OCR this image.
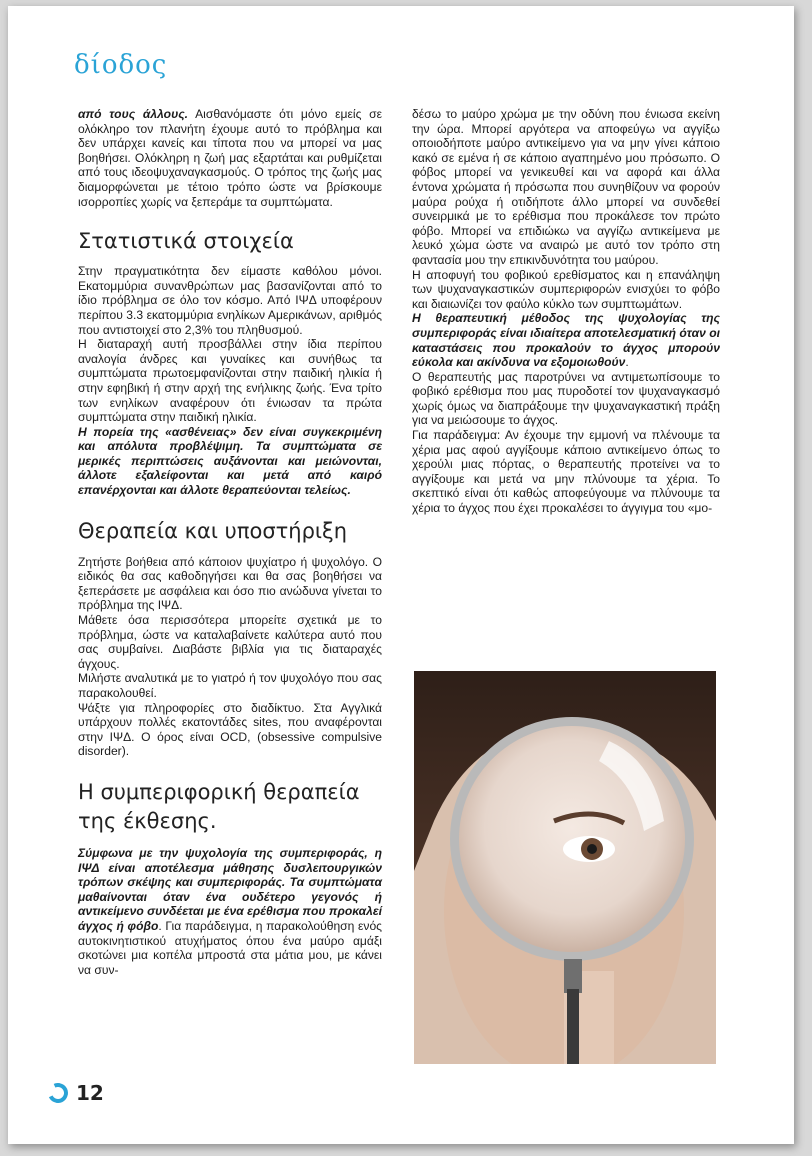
δίοδος

από τους άλλους. Αισθανόμαστε ότι μόνο εμείς σε ολόκληρο τον πλανήτη έχουμε αυτό το πρόβλημα και δεν υπάρχει κανείς και τίποτα που να μπορεί να μας βοηθήσει. Ολόκληρη η ζωή μας εξαρτάται και ρυθμίζεται από τους ιδεοψυχαναγκασμούς. Ο τρόπος της ζωής μας διαμορφώνεται με τέτοιο τρόπο ώστε να βρίσκουμε ισορροπίες χωρίς να ξεπεράμε τα συμπτώματα.

Στατιστικά στοιχεία

Στην πραγματικότητα δεν είμαστε καθόλου μόνοι. Εκατομμύρια συνανθρώπων μας βασανίζονται από το ίδιο πρόβλημα σε όλο τον κόσμο. Από ΙΨΔ υποφέρουν περίπου 3.3 εκατομμύρια ενηλίκων Αμερικάνων, αριθμός που αντιστοιχεί στο 2,3% του πληθυσμού.

Η διαταραχή αυτή προσβάλλει στην ίδια περίπου αναλογία άνδρες και γυναίκες και συνήθως τα συμπτώματα πρωτοεμφανίζονται στην παιδική ηλικία ή στην εφηβική ή στην αρχή της ενήλικης ζωής. Ένα τρίτο των ενηλίκων αναφέρουν ότι ένιωσαν τα πρώτα συμπτώματα στην παιδική ηλικία.

Η πορεία της «ασθένειας» δεν είναι συγκεκριμένη και απόλυτα προβλέψιμη. Τα συμπτώματα σε μερικές περιπτώσεις αυξάνονται και μειώνονται, άλλοτε εξαλείφονται και μετά από καιρό επανέρχονται και άλλοτε θεραπεύονται τελείως.

Θεραπεία και υποστήριξη

Ζητήστε βοήθεια από κάποιον ψυχίατρο ή ψυχολόγο. Ο ειδικός θα σας καθοδηγήσει και θα σας βοηθήσει να ξεπεράσετε με ασφάλεια και όσο πιο ανώδυνα γίνεται το πρόβλημα της ΙΨΔ.

Μάθετε όσα περισσότερα μπορείτε σχετικά με το πρόβλημα, ώστε να καταλαβαίνετε καλύτερα αυτό που σας συμβαίνει. Διαβάστε βιβλία για τις διαταραχές άγχους.

Μιλήστε αναλυτικά με το γιατρό ή τον ψυχολόγο που σας παρακολουθεί.

Ψάξτε για πληροφορίες στο διαδίκτυο. Στα Αγγλικά υπάρχουν πολλές εκατοντάδες sites, που αναφέρονται στην ΙΨΔ. Ο όρος είναι OCD, (obsessive compulsive disorder).

Η συμπεριφορική θεραπεία της έκθεσης.

Σύμφωνα με την ψυχολογία της συμπεριφοράς, η ΙΨΔ είναι αποτέλεσμα μάθησης δυσλειτουργικών τρόπων σκέψης και συμπεριφοράς. Τα συμπτώματα μαθαίνονται όταν ένα ουδέτερο γεγονός ή αντικείμενο συνδέεται με ένα ερέθισμα που προκαλεί άγχος ή φόβο. Για παράδειγμα, η παρακολούθηση ενός αυτοκινητιστικού ατυχήματος όπου ένα μαύρο αμάξι σκοτώνει μια κοπέλα μπροστά στα μάτια μου, με κάνει να συν-

δέσω το μαύρο χρώμα με την οδύνη που ένιωσα εκείνη την ώρα. Μπορεί αργότερα να αποφεύγω να αγγίξω οποιοδήποτε μαύρο αντικείμενο για να μην γίνει κάποιο κακό σε εμένα ή σε κάποιο αγαπημένο μου πρόσωπο. Ο φόβος μπορεί να γενικευθεί και να αφορά και άλλα έντονα χρώματα ή πρόσωπα που συνηθίζουν να φορούν μαύρα ρούχα ή οτιδήποτε άλλο μπορεί να συνδεθεί συνειρμικά με το ερέθισμα που προκάλεσε τον πρώτο φόβο. Μπορεί να επιδιώκω να αγγίζω αντικείμενα με λευκό χώμα ώστε να αναιρώ με αυτό τον τρόπο στη φαντασία μου την επικινδυνότητα του μαύρου.

Η αποφυγή του φοβικού ερεθίσματος και η επανάληψη των ψυχαναγκαστικών συμπεριφορών ενισχύει το φόβο και διαιωνίζει τον φαύλο κύκλο των συμπτωμάτων.

Η θεραπευτική μέθοδος της ψυχολογίας της συμπεριφοράς είναι ιδιαίτερα αποτελεσματική όταν οι καταστάσεις που προκαλούν το άγχος μπορούν εύκολα και ακίνδυνα να εξομοιωθούν.

Ο θεραπευτής μας παροτρύνει να αντιμετωπίσουμε το φοβικό ερέθισμα που μας πυροδοτεί τον ψυχαναγκασμό χωρίς όμως να διαπράξουμε την ψυχαναγκαστική πράξη για να μειώσουμε το άγχος.

Για παράδειγμα: Αν έχουμε την εμμονή να πλένουμε τα χέρια μας αφού αγγίξουμε κάποιο αντικείμενο όπως το χερούλι μιας πόρτας, ο θεραπευτής προτείνει να το αγγίξουμε και μετά να μην πλύνουμε τα χέρια. Το σκεπτικό είναι ότι καθώς αποφεύγουμε να πλύνουμε τα χέρια το άγχος που έχει προκαλέσει το άγγιγμα του «μο-

12
